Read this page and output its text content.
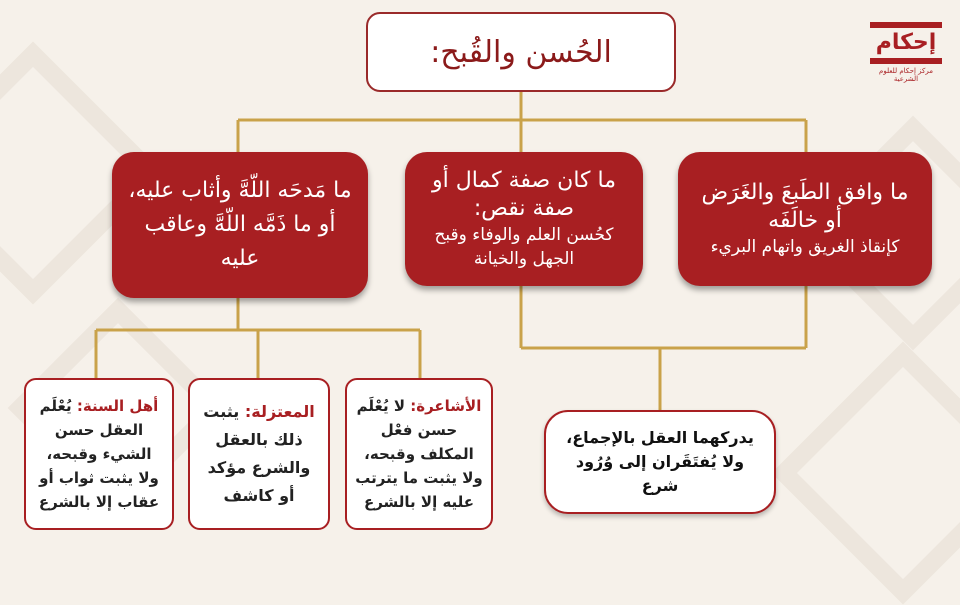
الحُسن والقُبح:
ما وافق الطَبعَ والغَرَض أو خالَفَه
كإنقاذ الغريق واتهام البريء
ما كان صفة كمال أو صفة نقص:
كحُسن العلم والوفاء وقبح الجهل والخيانة
ما مَدحَه اللّهَّ وأثاب عليه، أو ما ذَمَّه اللّهَّ وعاقب عليه
يدركهما العقل بالإجماع،
ولا يُفتَقَران إلى وُرُود شرع
الأشاعرة: لا يُعْلَم حسن فعْل المكلف وقبحه، ولا يثبت ما يترتب عليه إلا بالشرع
المعتزلة: يثبت ذلك بالعقل والشرع مؤكد أو كاشف
أهل السنة: يُعْلَم العقل حسن الشيء وقبحه، ولا يثبت ثواب أو عقاب إلا بالشرع
إحكام
مركز إحكام للعلوم الشرعية
